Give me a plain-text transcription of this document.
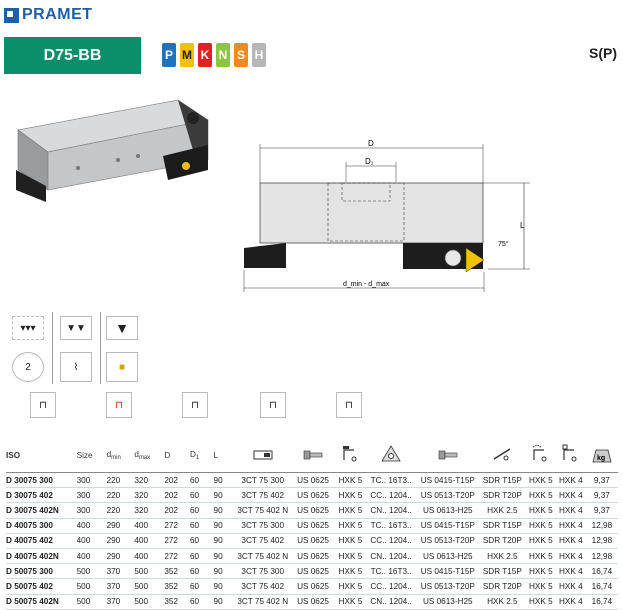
PRAMET
D75-BB	P M K N S H	S(P)
D
D₁
L
75°
d_min - d_max
▾▾▾	▼▼	▼
2	⌇	■
⊓	⊓	⊓	⊓	⊓
ISO	Size	$d_{min}$	$d_{max}$	D	$D_1$	L									kg

D 30075 300	300	220	320	202	60	90	3CT 75 300	US 0625	HXK 5	TC.. 16T3..	US 0415-T15P	SDR T15P	HXK 5	HXK 4	9,37
D 30075 402	300	220	320	202	60	90	3CT 75 402	US 0625	HXK 5	CC.. 1204..	US 0513-T20P	SDR T20P	HXK 5	HXK 4	9,37
D 30075 402N	300	220	320	202	60	90	3CT 75 402 N	US 0625	HXK 5	CN.. 1204..	US 0613-H25	HXK 2.5	HXK 5	HXK 4	9,37
D 40075 300	400	290	400	272	60	90	3CT 75 300	US 0625	HXK 5	TC.. 16T3..	US 0415-T15P	SDR T15P	HXK 5	HXK 4	12,98
D 40075 402	400	290	400	272	60	90	3CT 75 402	US 0625	HXK 5	CC.. 1204..	US 0513-T20P	SDR T20P	HXK 5	HXK 4	12,98
D 40075 402N	400	290	400	272	60	90	3CT 75 402 N	US 0625	HXK 5	CN.. 1204..	US 0613-H25	HXK 2.5	HXK 5	HXK 4	12,98
D 50075 300	500	370	500	352	60	90	3CT 75 300	US 0625	HXK 5	TC.. 16T3..	US 0415-T15P	SDR T15P	HXK 5	HXK 4	16,74
D 50075 402	500	370	500	352	60	90	3CT 75 402	US 0625	HXK 5	CC.. 1204..	US 0513-T20P	SDR T20P	HXK 5	HXK 4	16,74
D 50075 402N	500	370	500	352	60	90	3CT 75 402 N	US 0625	HXK 5	CN.. 1204..	US 0613-H25	HXK 2.5	HXK 5	HXK 4	16,74
